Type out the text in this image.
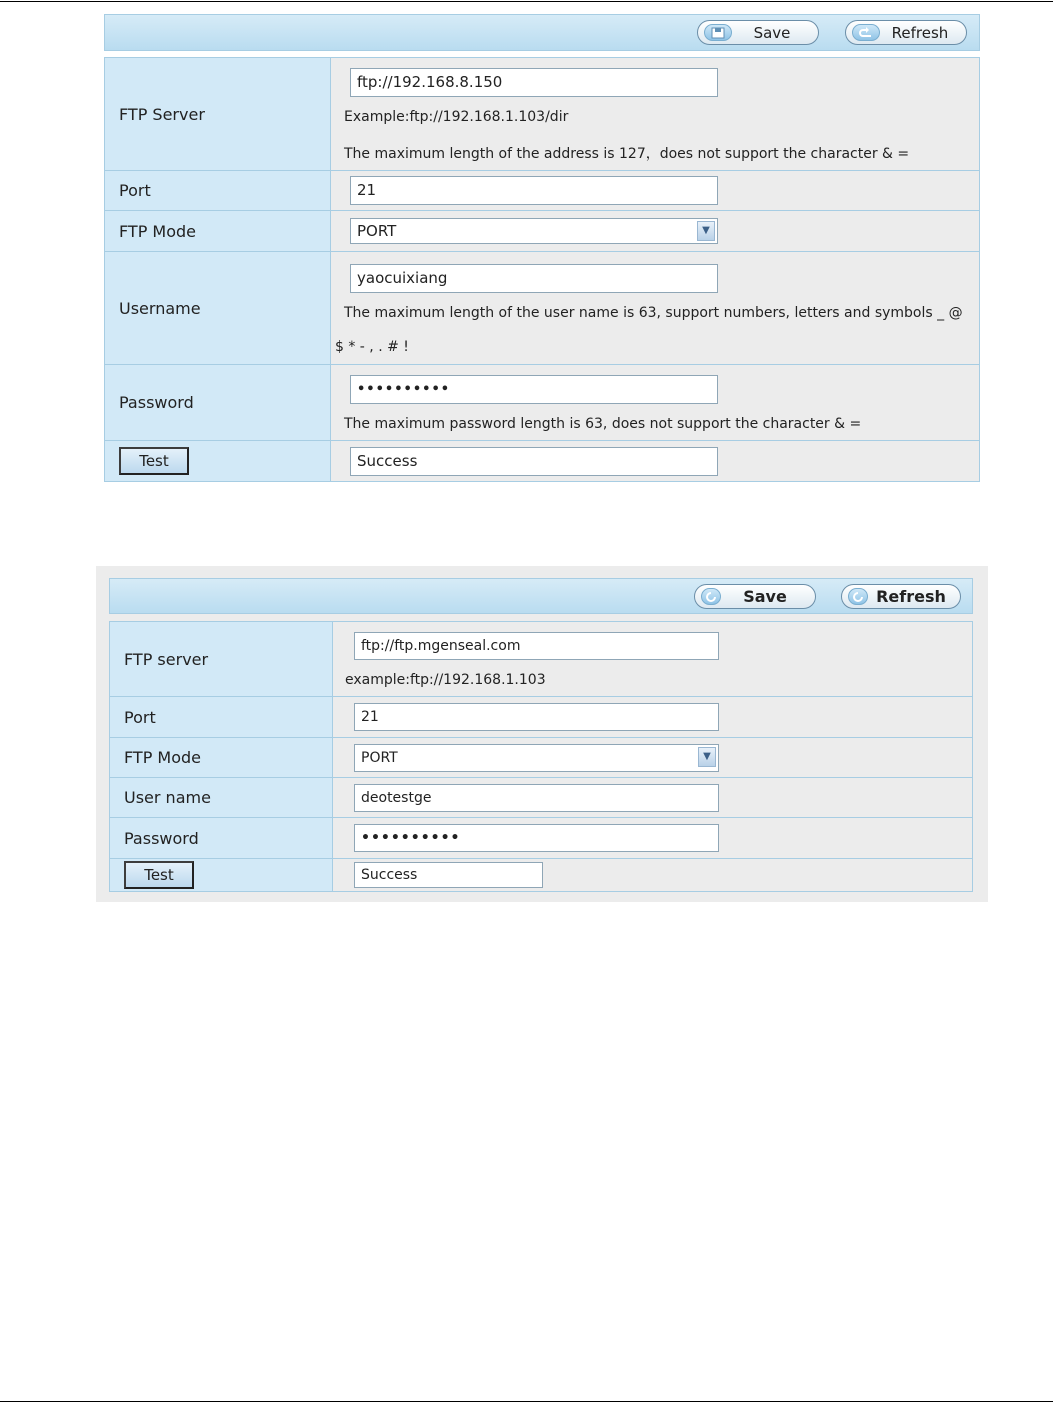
Save	Refresh
FTP Server	ftp://192.168.8.150
Example:ftp://192.168.1.103/dir
The maximum length of the address is 127，does not support the character & =

Port	21

FTP Mode	PORT ▼

Username	yaocuixiang
The maximum length of the user name is 63, support numbers, letters and symbols _ @
$ * - , . # !

Password	••••••••••
The maximum password length is 63, does not support the character & =

Test	Success
Save	Refresh
FTP server	ftp://ftp.mgenseal.com
example:ftp://192.168.1.103

Port	21

FTP Mode	PORT ▼

User name	deotestge

Password	••••••••••

Test	Success
